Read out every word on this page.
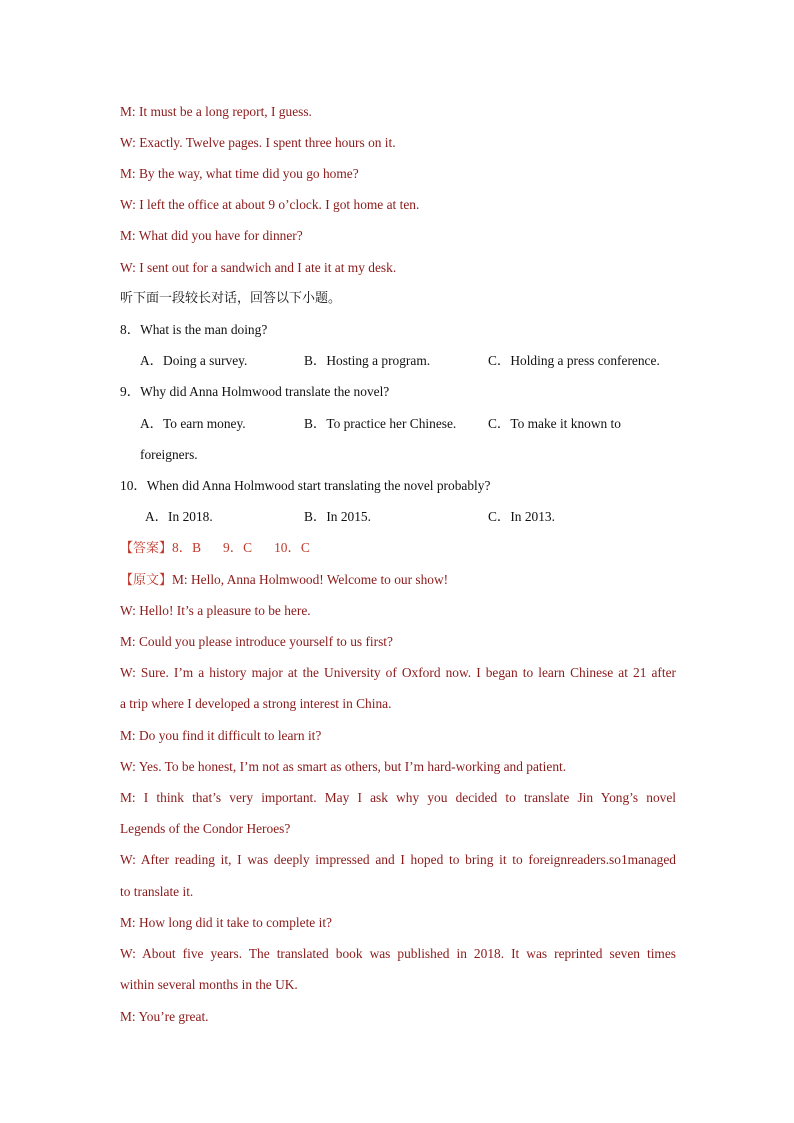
M: It must be a long report, I guess.
W: Exactly. Twelve pages. I spent three hours on it.
M: By the way, what time did you go home?
W: I left the office at about 9 o’clock. I got home at ten.
M: What did you have for dinner?
W: I sent out for a sandwich and I ate it at my desk.
听下面一段较长对话，回答以下小题。
8．What is the man doing?
A．Doing a survey.	B．Hosting a program.	C．Holding a press conference.
9．Why did Anna Holmwood translate the novel?
A．To earn money.	B．To practice her Chinese. C．To make it known to
foreigners.
10．When did Anna Holmwood start translating the novel probably?
A．In 2018.	B．In 2015.	C．In 2013.
【答案】8．B 9．C 10．C
【原文】M: Hello, Anna Holmwood! Welcome to our show!
W: Hello! It’s a pleasure to be here.
M: Could you please introduce yourself to us first?
W: Sure. I’m a history major at the University of Oxford now. I began to learn Chinese at 21 after
a trip where I developed a strong interest in China.
M: Do you find it difficult to learn it?
W: Yes. To be honest, I’m not as smart as others, but I’m hard-working and patient.
M: I think that’s very important. May I ask why you decided to translate Jin Yong’s novel
Legends of the Condor Heroes?
W: After reading it, I was deeply impressed and I hoped to bring it to foreignreaders.so1managed
to translate it.
M: How long did it take to complete it?
W: About five years. The translated book was published in 2018. It was reprinted seven times
within several months in the UK.
M: You’re great.
